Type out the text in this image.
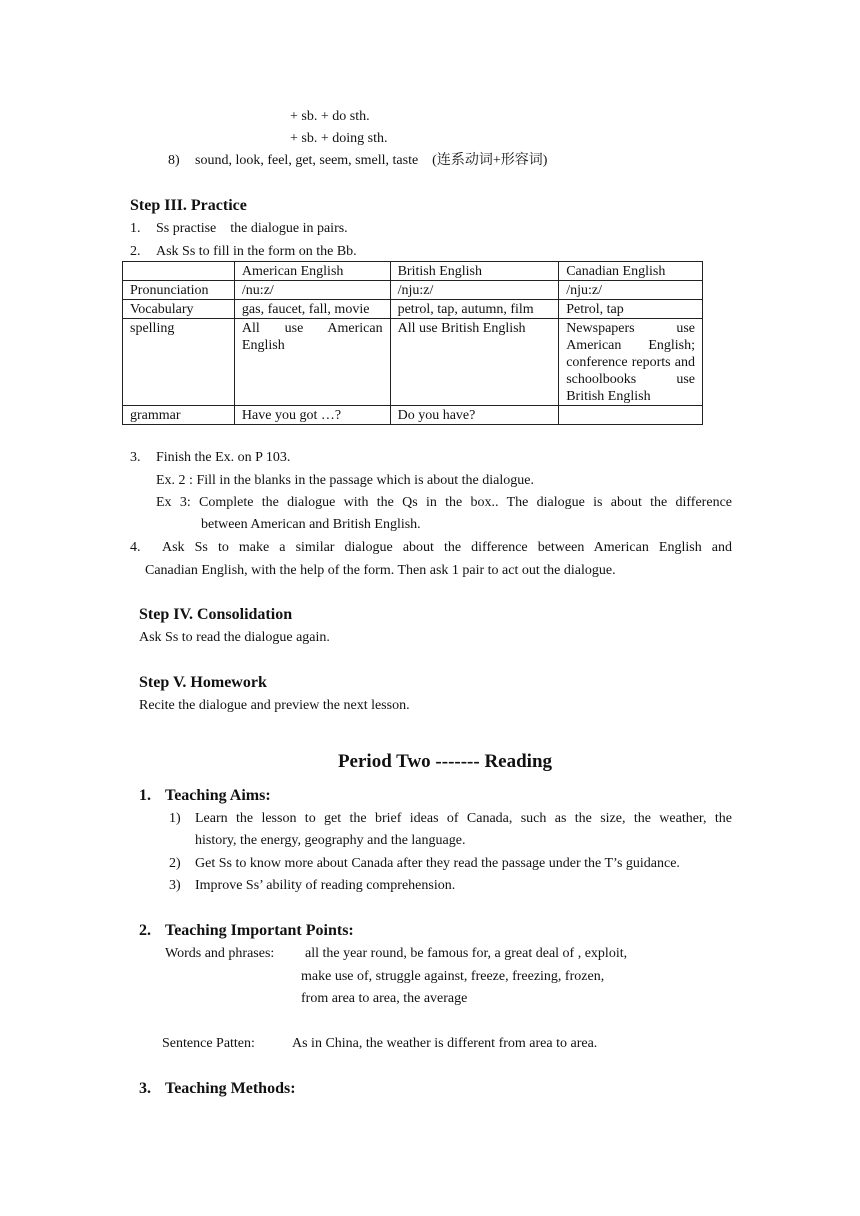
+ sb. + do sth.
+ sb. + doing sth.
8) sound, look, feel, get, seem, smell, taste　(连系动词+形容词)
Step III. Practice
1. Ss practise　the dialogue in pairs.
2. Ask Ss to fill in the form on the Bb.
	American English	British English	Canadian English
Pronunciation	/nu:z/	/nju:z/	/nju:z/
Vocabulary	gas, faucet, fall, movie	petrol, tap, autumn, film	Petrol, tap
spelling	All use American English	All use British English	Newspapers use American English; conference reports and schoolbooks use British English
grammar	Have you got …?	Do you have?	
3. Finish the Ex. on P 103.
Ex. 2 : Fill in the blanks in the passage which is about the dialogue.
Ex 3: Complete the dialogue with the Qs in the box.. The dialogue is about the difference
between American and British English.
4. Ask Ss to make a similar dialogue about the difference between American English and
Canadian English, with the help of the form. Then ask 1 pair to act out the dialogue.
Step IV. Consolidation
Ask Ss to read the dialogue again.
Step V. Homework
Recite the dialogue and preview the next lesson.
Period Two ------- Reading
1. Teaching Aims:
1) Learn the lesson to get the brief ideas of Canada, such as the size, the weather, the
history, the energy, geography and the language.
2) Get Ss to know more about Canada after they read the passage under the T’s guidance.
3) Improve Ss’ ability of reading comprehension.
2. Teaching Important Points:
Words and phrases: all the year round, be famous for, a great deal of , exploit,
make use of, struggle against, freeze, freezing, frozen,
from area to area, the average
Sentence Patten:	As in China, the weather is different from area to area.
3. Teaching Methods:
